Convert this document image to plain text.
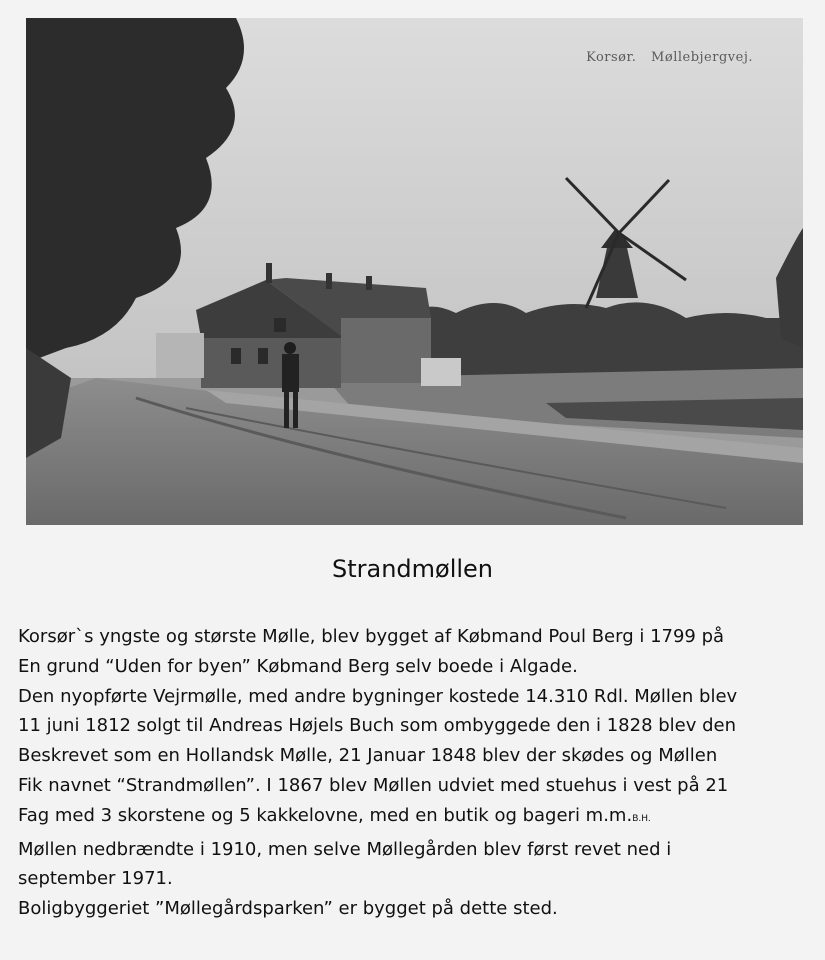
Korsør. Møllebjergvej.
Strandmøllen
Korsør`s yngste og største Mølle, blev bygget af Købmand Poul Berg i 1799 på
En grund “Uden for byen” Købmand Berg selv boede i Algade.
Den nyopførte Vejrmølle, med andre bygninger kostede 14.310 Rdl. Møllen blev
11 juni 1812 solgt til Andreas Højels Buch som ombyggede den i 1828 blev den
Beskrevet som en Hollandsk Mølle, 21 Januar 1848 blev der skødes og Møllen
Fik navnet “Strandmøllen”. I 1867 blev Møllen udviet med stuehus i vest på 21
Fag med 3 skorstene og 5 kakkelovne, med en butik og bageri m.m.B.H.
Møllen nedbrændte i 1910, men selve Møllegården blev først revet ned i
september 1971.
Boligbyggeriet ”Møllegårdsparken” er bygget på dette sted.
